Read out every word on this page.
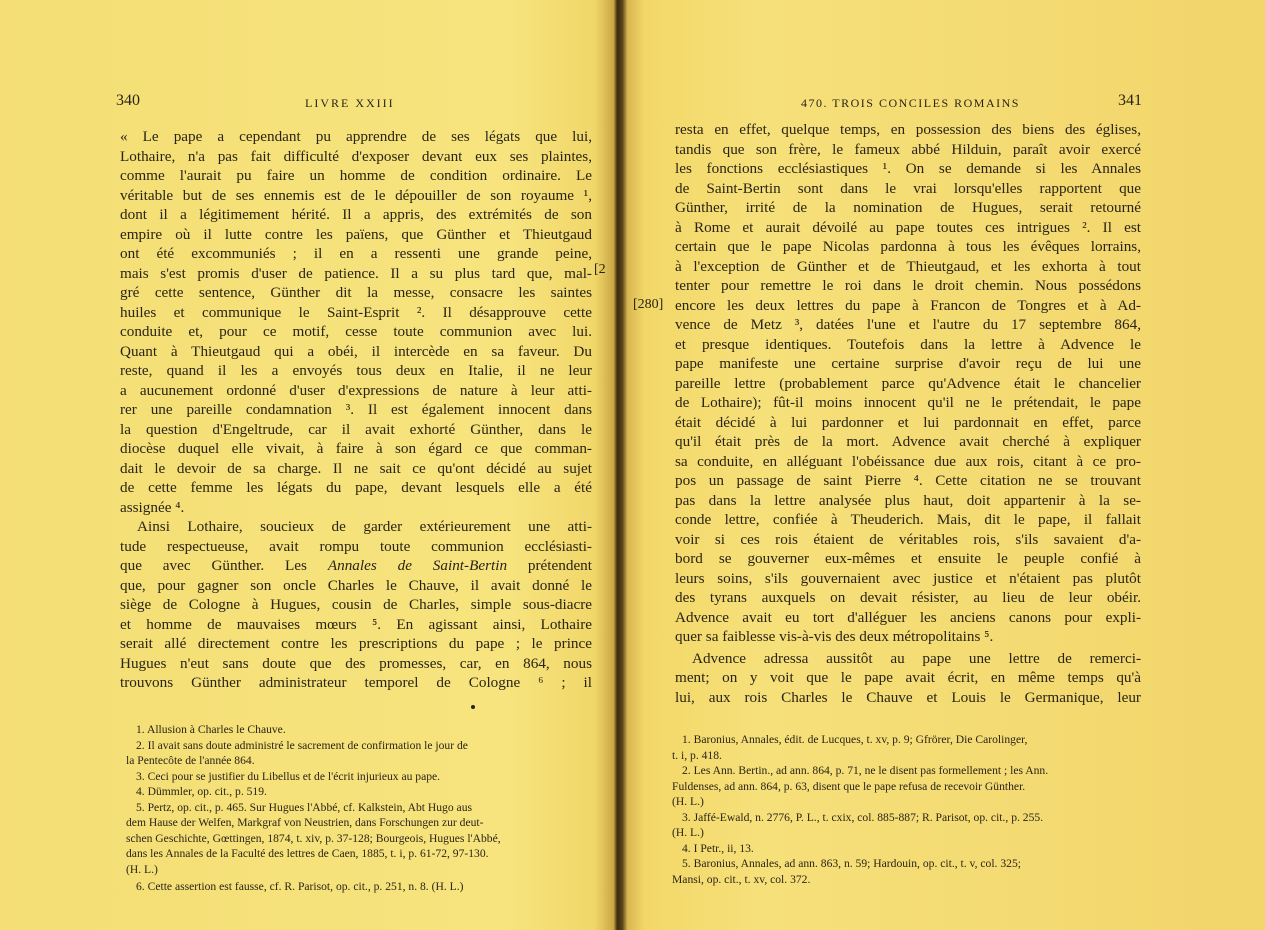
340	LIVRE XXIII
« Le pape a cependant pu apprendre de ses légats que lui,
Lothaire, n'a pas fait difficulté d'exposer devant eux ses plaintes,
comme l'aurait pu faire un homme de condition ordinaire. Le
véritable but de ses ennemis est de le dépouiller de son royaume ¹,
dont il a légitimement hérité. Il a appris, des extrémités de son
empire où il lutte contre les païens, que Günther et Thieutgaud
ont été excommuniés ; il en a ressenti une grande peine,
mais s'est promis d'user de patience. Il a su plus tard que, mal-
gré cette sentence, Günther dit la messe, consacre les saintes
huiles et communique le Saint-Esprit ². Il désapprouve cette
conduite et, pour ce motif, cesse toute communion avec lui.
Quant à Thieutgaud qui a obéi, il intercède en sa faveur. Du
reste, quand il les a envoyés tous deux en Italie, il ne leur
a aucunement ordonné d'user d'expressions de nature à leur atti-
rer une pareille condamnation ³. Il est également innocent dans
la question d'Engeltrude, car il avait exhorté Günther, dans le
diocèse duquel elle vivait, à faire à son égard ce que comman-
dait le devoir de sa charge. Il ne sait ce qu'ont décidé au sujet
de cette femme les légats du pape, devant lesquels elle a été
assignée ⁴.
Ainsi Lothaire, soucieux de garder extérieurement une atti-
tude respectueuse, avait rompu toute communion ecclésiasti-
que avec Günther. Les Annales de Saint-Bertin prétendent
que, pour gagner son oncle Charles le Chauve, il avait donné le
siège de Cologne à Hugues, cousin de Charles, simple sous-diacre
et homme de mauvaises mœurs ⁵. En agissant ainsi, Lothaire
serait allé directement contre les prescriptions du pape ; le prince
Hugues n'eut sans doute que des promesses, car, en 864, nous
trouvons Günther administrateur temporel de Cologne ⁶ ; il
[2
1. Allusion à Charles le Chauve.
2. Il avait sans doute administré le sacrement de confirmation le jour de
la Pentecôte de l'année 864.
3. Ceci pour se justifier du Libellus et de l'écrit injurieux au pape.
4. Dümmler, op. cit., p. 519.
5. Pertz, op. cit., p. 465. Sur Hugues l'Abbé, cf. Kalkstein, Abt Hugo aus
dem Hause der Welfen, Markgraf von Neustrien, dans Forschungen zur deut-
schen Geschichte, Gœttingen, 1874, t. xiv, p. 37-128; Bourgeois, Hugues l'Abbé,
dans les Annales de la Faculté des lettres de Caen, 1885, t. i, p. 61-72, 97-130.
(H. L.)
6. Cette assertion est fausse, cf. R. Parisot, op. cit., p. 251, n. 8. (H. L.)
470. TROIS CONCILES ROMAINS	341
[280]
resta en effet, quelque temps, en possession des biens des églises,
tandis que son frère, le fameux abbé Hilduin, paraît avoir exercé
les fonctions ecclésiastiques ¹. On se demande si les Annales
de Saint-Bertin sont dans le vrai lorsqu'elles rapportent que
Günther, irrité de la nomination de Hugues, serait retourné
à Rome et aurait dévoilé au pape toutes ces intrigues ². Il est
certain que le pape Nicolas pardonna à tous les évêques lorrains,
à l'exception de Günther et de Thieutgaud, et les exhorta à tout
tenter pour remettre le roi dans le droit chemin. Nous possédons
encore les deux lettres du pape à Francon de Tongres et à Ad-
vence de Metz ³, datées l'une et l'autre du 17 septembre 864,
et presque identiques. Toutefois dans la lettre à Advence le
pape manifeste une certaine surprise d'avoir reçu de lui une
pareille lettre (probablement parce qu'Advence était le chancelier
de Lothaire); fût-il moins innocent qu'il ne le prétendait, le pape
était décidé à lui pardonner et lui pardonnait en effet, parce
qu'il était près de la mort. Advence avait cherché à expliquer
sa conduite, en alléguant l'obéissance due aux rois, citant à ce pro-
pos un passage de saint Pierre ⁴. Cette citation ne se trouvant
pas dans la lettre analysée plus haut, doit appartenir à la se-
conde lettre, confiée à Theuderich. Mais, dit le pape, il fallait
voir si ces rois étaient de véritables rois, s'ils savaient d'a-
bord se gouverner eux-mêmes et ensuite le peuple confié à
leurs soins, s'ils gouvernaient avec justice et n'étaient pas plutôt
des tyrans auxquels on devait résister, au lieu de leur obéir.
Advence avait eu tort d'alléguer les anciens canons pour expli-
quer sa faiblesse vis-à-vis des deux métropolitains ⁵.
Advence adressa aussitôt au pape une lettre de remerci-
ment; on y voit que le pape avait écrit, en même temps qu'à
lui, aux rois Charles le Chauve et Louis le Germanique, leur
1. Baronius, Annales, édit. de Lucques, t. xv, p. 9; Gfrörer, Die Carolinger,
t. i, p. 418.
2. Les Ann. Bertin., ad ann. 864, p. 71, ne le disent pas formellement ; les Ann.
Fuldenses, ad ann. 864, p. 63, disent que le pape refusa de recevoir Günther.
(H. L.)
3. Jaffé-Ewald, n. 2776, P. L., t. cxix, col. 885-887; R. Parisot, op. cit., p. 255.
(H. L.)
4. I Petr., ii, 13.
5. Baronius, Annales, ad ann. 863, n. 59; Hardouin, op. cit., t. v, col. 325;
Mansi, op. cit., t. xv, col. 372.
